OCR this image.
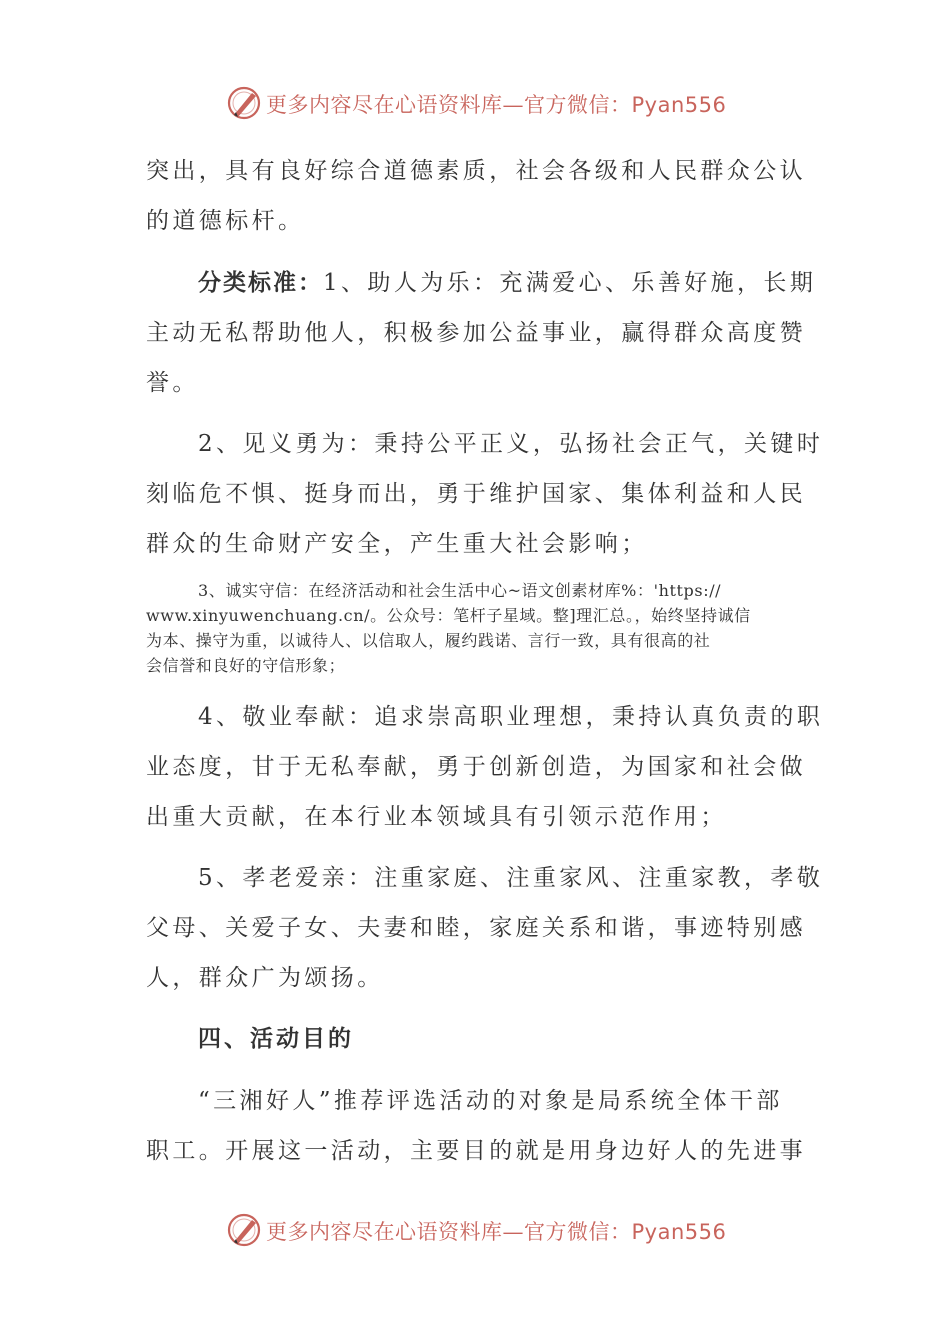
更多内容尽在心语资料库—官方微信：Pyan556
突出，具有良好综合道德素质，社会各级和人民群众公认
的道德标杆。
分类标准：1、助人为乐：充满爱心、乐善好施，长期
主动无私帮助他人，积极参加公益事业，赢得群众高度赞
誉。
2、见义勇为：秉持公平正义，弘扬社会正气，关键时
刻临危不惧、挺身而出，勇于维护国家、集体利益和人民
群众的生命财产安全，产生重大社会影响；
3、诚实守信：在经济活动和社会生活中心~语文创素材库%：'https://
www.xinyuwenchuang.cn/。公众号：笔杆子星域。整]理汇总。，始终坚持诚信
为本、操守为重，以诚待人、以信取人，履约践诺、言行一致，具有很高的社
会信誉和良好的守信形象；
4、敬业奉献：追求崇高职业理想，秉持认真负责的职
业态度，甘于无私奉献，勇于创新创造，为国家和社会做
出重大贡献，在本行业本领域具有引领示范作用；
5、孝老爱亲：注重家庭、注重家风、注重家教，孝敬
父母、关爱子女、夫妻和睦，家庭关系和谐，事迹特别感
人，群众广为颂扬。
四、活动目的
“三湘好人”推荐评选活动的对象是局系统全体干部
职工。开展这一活动，主要目的就是用身边好人的先进事
更多内容尽在心语资料库—官方微信：Pyan556
